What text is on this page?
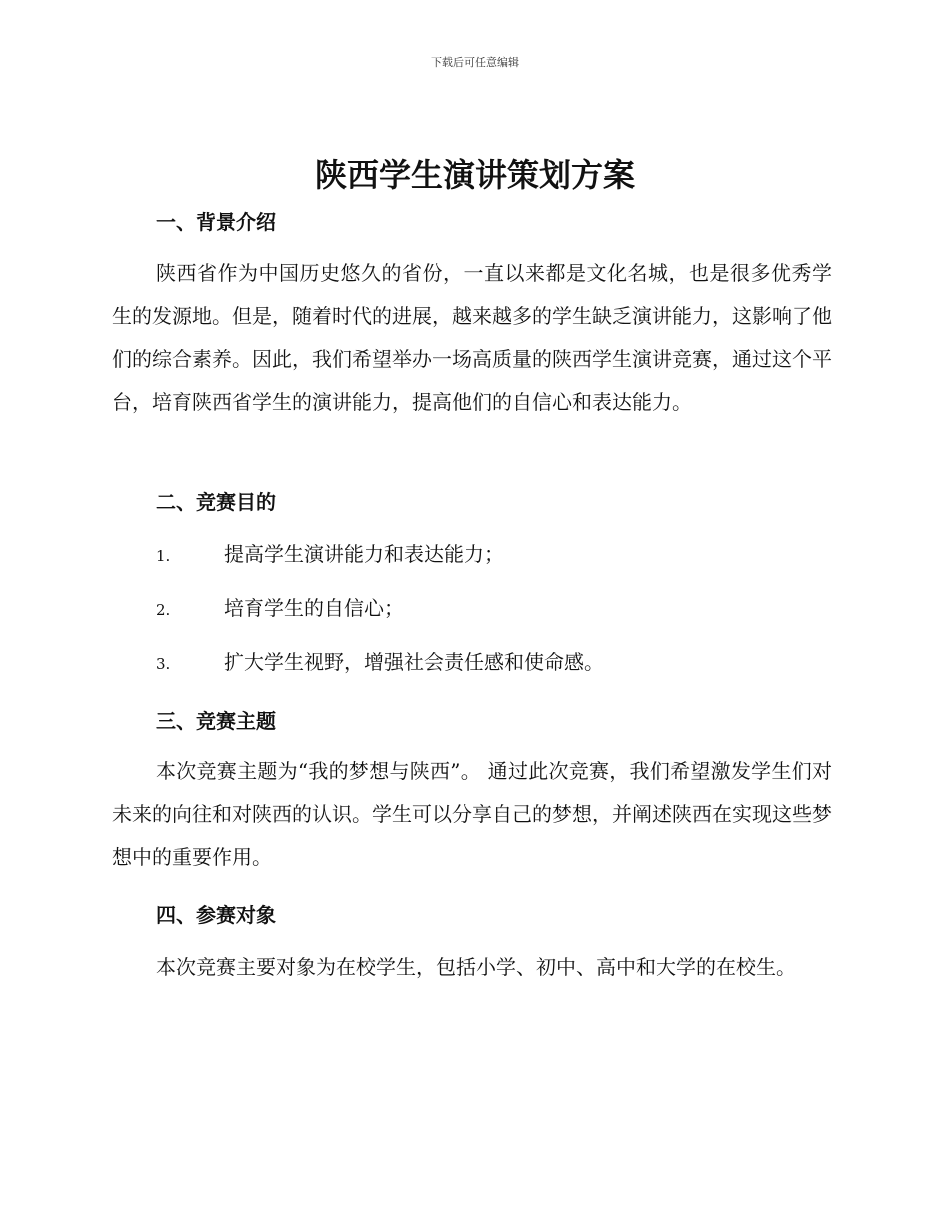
下载后可任意编辑
陕西学生演讲策划方案
一、背景介绍
陕西省作为中国历史悠久的省份，一直以来都是文化名城，也是很多优秀学生的发源地。但是，随着时代的进展，越来越多的学生缺乏演讲能力，这影响了他们的综合素养。因此，我们希望举办一场高质量的陕西学生演讲竞赛，通过这个平台，培育陕西省学生的演讲能力，提高他们的自信心和表达能力。
二、竞赛目的
1.	提高学生演讲能力和表达能力；
2.	培育学生的自信心；
3.	扩大学生视野，增强社会责任感和使命感。
三、竞赛主题
本次竞赛主题为“我的梦想与陕西”。 通过此次竞赛，我们希望激发学生们对未来的向往和对陕西的认识。学生可以分享自己的梦想，并阐述陕西在实现这些梦想中的重要作用。
四、参赛对象
本次竞赛主要对象为在校学生，包括小学、初中、高中和大学的在校生。
